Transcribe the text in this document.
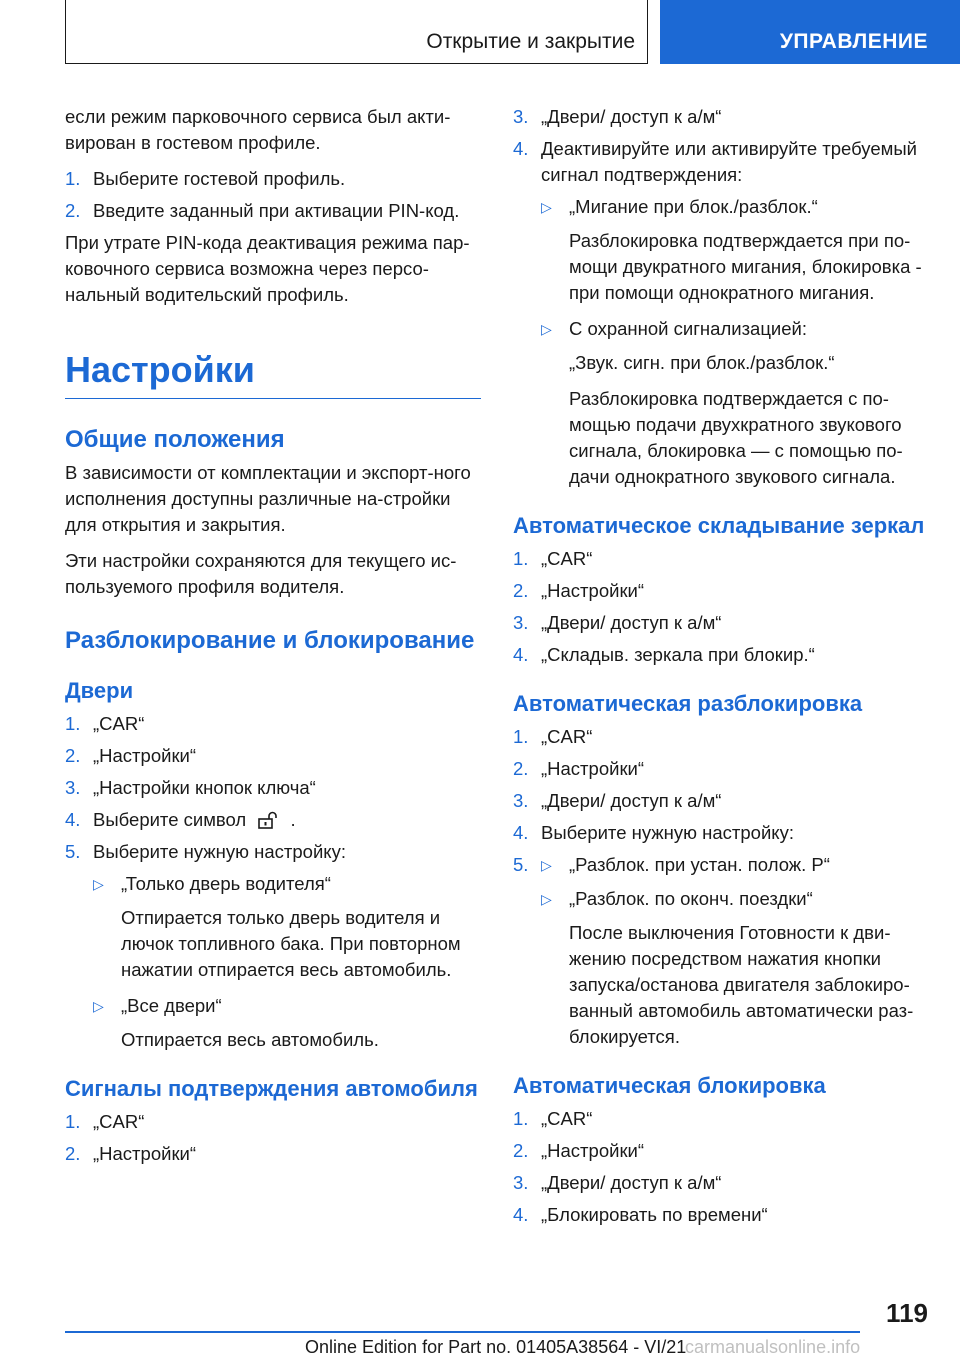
Открытие и закрытие	УПРАВЛЕНИЕ

если режим парковочного сервиса был акти-вирован в гостевом профиле.

1. Выберите гостевой профиль.
2. Введите заданный при активации PIN-код.

При утрате PIN-кода деактивация режима пар-ковочного сервиса возможна через персо-нальный водительский профиль.

Настройки
Общие положения

В зависимости от комплектации и экспорт-ного исполнения доступны различные на-стройки для открытия и закрытия.

Эти настройки сохраняются для текущего ис-пользуемого профиля водителя.

Разблокирование и блокирование
Двери
1. „CAR“
2. „Настройки“
3. „Настройки кнопок ключа“
4. Выберите символ .
5. Выберите нужную настройку:
▷ „Только дверь водителя“
Отпирается только дверь водителя и лючок топливного бака. При повторном нажатии отпирается весь автомобиль.
▷ „Все двери“
Отпирается весь автомобиль.
Сигналы подтверждения автомобиля
1. „CAR“
2. „Настройки“
3. „Двери/ доступ к а/м“
4. Деактивируйте или активируйте требуемый сигнал подтверждения:
▷ „Мигание при блок./разблок.“
Разблокировка подтверждается при по-мощи двукратного мигания, блокировка - при помощи однократного мигания.
▷ С охранной сигнализацией:
„Звук. сигн. при блок./разблок.“
Разблокировка подтверждается с по-мощью подачи двухкратного звукового сигнала, блокировка — с помощью по-дачи однократного звукового сигнала.
Автоматическое складывание зеркал
1. „CAR“
2. „Настройки“
3. „Двери/ доступ к а/м“
4. „Складыв. зеркала при блокир.“
Автоматическая разблокировка
1. „CAR“
2. „Настройки“
3. „Двери/ доступ к а/м“
4. Выберите нужную настройку:
5. ▷ „Разблок. при устан. полож. P“
▷ „Разблок. по оконч. поездки“
После выключения Готовности к дви-жению посредством нажатия кнопки запуска/останова двигателя заблокиро-ванный автомобиль автоматически раз-блокируется.
Автоматическая блокировка
1. „CAR“
2. „Настройки“
3. „Двери/ доступ к а/м“
4. „Блокировать по времени“
119
Online Edition for Part no. 01405A38564 - VI/21
carmanualsonline.info
